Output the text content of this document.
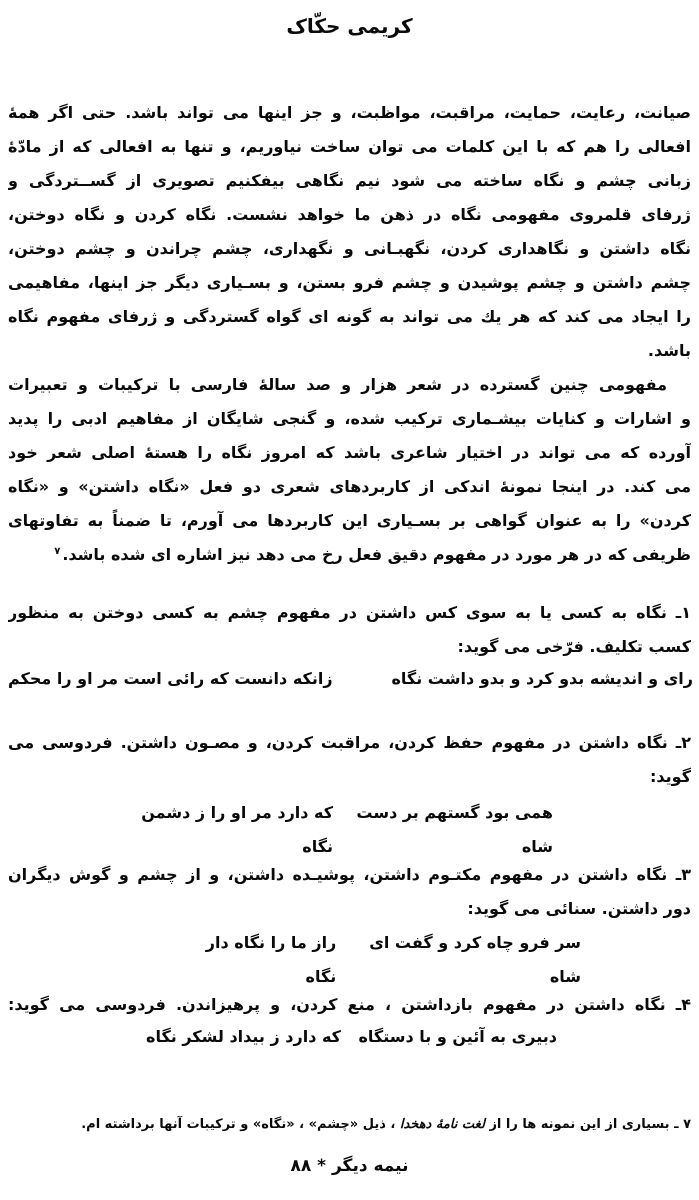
کریمی حکّاک
صیانت، رعایت، حمایت، مراقبت، مواظبت، و جز اینها می تواند باشد. حتی اگر همهٔ
افعالی را هم که با این کلمات می توان ساخت نیاوریم، و تنها به افعالی که از مادّهٔ
زبانی چشم و نگاه ساخته می شود نیم نگاهی بیفکنیم تصویری از گســتردگی و
ژرفای قلمروی مفهومی نگاه در ذهن ما خواهد نشست. نگاه کردن و نگاه دوختن،
نگاه داشتن و نگاهداری کردن، نگهبـانی و نگهداری، چشم چراندن و چشم دوختن،
چشم داشتن و چشم پوشیدن و چشم فرو بستن، و بسـیاری دیگر جز اینها، مفاهیمی
را ایجاد می کند که هر یك می تواند به گونه ای گواه گستردگی و ژرفای مفهوم نگاه
باشد.
مفهومی چنین گسترده در شعر هزار و صد سالهٔ فارسی با ترکیبات و تعبیرات
و اشارات و کنایات بیشـماری ترکیب شده، و گنجی شایگان از مفاهیم ادبی را پدید
آورده که می تواند در اختیار شاعری باشد که امروز نگاه را هستهٔ اصلی شعر خود
می کند. در اینجا نمونهٔ اندکی از کاربردهای شعری دو فعل «نگاه داشتن» و «نگاه
کردن» را به عنوان گواهی بر بسـیاری این کاربردها می آورم، تا ضمناً به تفاوتهای
ظریفی که در هر مورد در مفهوم دقیق فعل رخ می دهد نیز اشاره ای شده باشد.$^۷$
۱ـ نگاه به کسی یا به سوی کس داشتن در مفهوم چشم به کسی دوختن به منظور
کسب تکلیف. فرّخی می گوید:
رای و اندیشه بدو کرد و بدو داشت نگاه
زانکه دانست که رائی است مر او را محکم
۲ـ نگاه داشتن در مفهوم حفظ کردن، مراقبت کردن، و مصـون داشتن. فردوسی می
گوید:
همی بود گستهم بر دست شاه
که دارد مر او را ز دشمن نگاه
۳ـ نگاه داشتن در مفهوم مکتـوم داشتن، پوشیـده داشتن، و از چشم و گوش دیگران
دور داشتن. سنائی می گوید:
سر فرو چاه کرد و گفت ای شاه
راز ما را نگاه دار نگاه
۴ـ نگاه داشتن در مفهوم بازداشتن ، منع کردن، و پرهیزاندن. فردوسی می گوید:
دبیری به آئین و با دستگاه
که دارد ز بیداد لشکر نگاه
۷ ـ بسیاری از این نمونه ها را از لغت نامهٔ دهخدا ، ذیل «چشم» ، «نگاه» و ترکیبات آنها برداشته ام.
نیمه دیگر * ۸۸
